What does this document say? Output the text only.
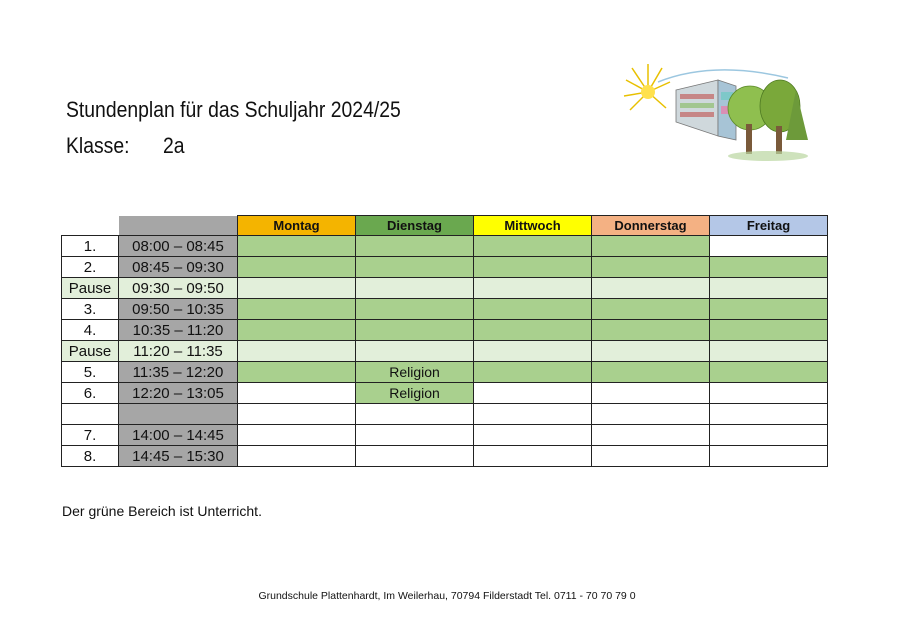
Stundenplan für das Schuljahr 2024/25
Klasse: 2a
		Montag	Dienstag	Mittwoch	Donnerstag	Freitag
1.	08:00 – 08:45					
2.	08:45 – 09:30					
Pause	09:30 – 09:50					
3.	09:50 – 10:35					
4.	10:35 – 11:20					
Pause	11:20 – 11:35					
5.	11:35 – 12:20		Religion			
6.	12:20 – 13:05		Religion			

7.	14:00 – 14:45					
8.	14:45 – 15:30					
Der grüne Bereich ist Unterricht.
Grundschule Plattenhardt, Im Weilerhau, 70794 Filderstadt Tel. 0711 - 70 70 79 0
